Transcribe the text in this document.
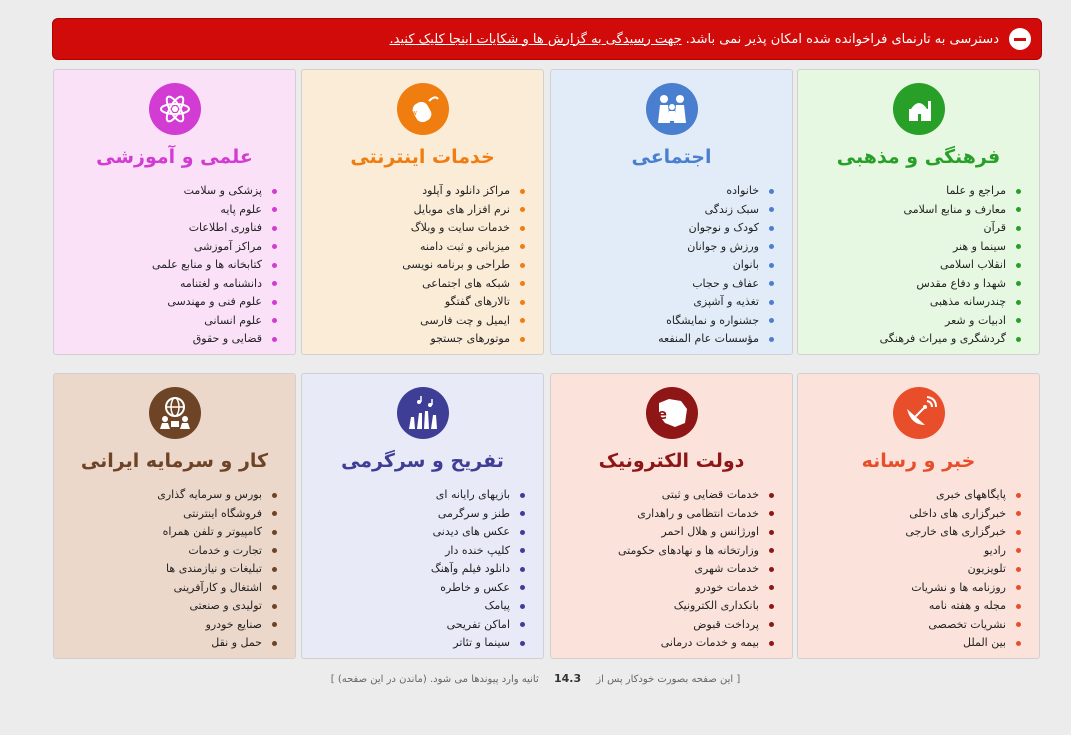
دسترسی به تارنمای فراخوانده شده امکان پذیر نمی باشد.
جهت رسیدگی به گزارش ها و شکایات اینجا کلیک کنید.
فرهنگی و مذهبی
مراجع و علما
معارف و منابع اسلامی
قرآن
سینما و هنر
انقلاب اسلامی
شهدا و دفاع مقدس
چندرسانه مذهبی
ادبیات و شعر
گردشگری و میراث فرهنگی
اجتماعی
خانواده
سبک زندگی
کودک و نوجوان
ورزش و جوانان
بانوان
عفاف و حجاب
تغذیه و آشپزی
جشنواره و نمایشگاه
مؤسسات عام المنفعه
www
خدمات اینترنتی
مراکز دانلود و آپلود
نرم افزار های موبایل
خدمات سایت و وبلاگ
میزبانی و ثبت دامنه
طراحی و برنامه نویسی
شبکه های اجتماعی
تالارهای گفتگو
ایمیل و چت فارسی
موتورهای جستجو
علمی و آموزشی
پزشکی و سلامت
علوم پایه
فناوری اطلاعات
مراکز آموزشی
کتابخانه ها و منابع علمی
دانشنامه و لغتنامه
علوم فنی و مهندسی
علوم انسانی
قضایی و حقوق
خبر و رسانه
پایگاههای خبری
خبرگزاری های داخلی
خبرگزاری های خارجی
رادیو
تلویزیون
روزنامه ها و نشریات
مجله و هفته نامه
نشریات تخصصی
بین الملل
e
دولت الکترونیک
خدمات قضایی و ثبتی
خدمات انتظامی و راهداری
اورژانس و هلال احمر
وزارتخانه ها و نهادهای حکومتی
خدمات شهری
خدمات خودرو
بانکداری الکترونیک
پرداخت قبوض
بیمه و خدمات درمانی
تفریح و سرگرمی
بازیهای رایانه ای
طنز و سرگرمی
عکس های دیدنی
کلیپ خنده دار
دانلود فیلم وآهنگ
عکس و خاطره
پیامک
اماکن تفریحی
سینما و تئاتر
کار و سرمایه ایرانی
بورس و سرمایه گذاری
فروشگاه اینترنتی
کامپیوتر و تلفن همراه
تجارت و خدمات
تبلیغات و نیازمندی ها
اشتغال و کارآفرینی
تولیدی و صنعتی
صنایع خودرو
حمل و نقل
[ این صفحه بصورت خودکار پس از 14.3 ثانیه وارد پیوندها می شود. (ماندن در این صفحه) ]
